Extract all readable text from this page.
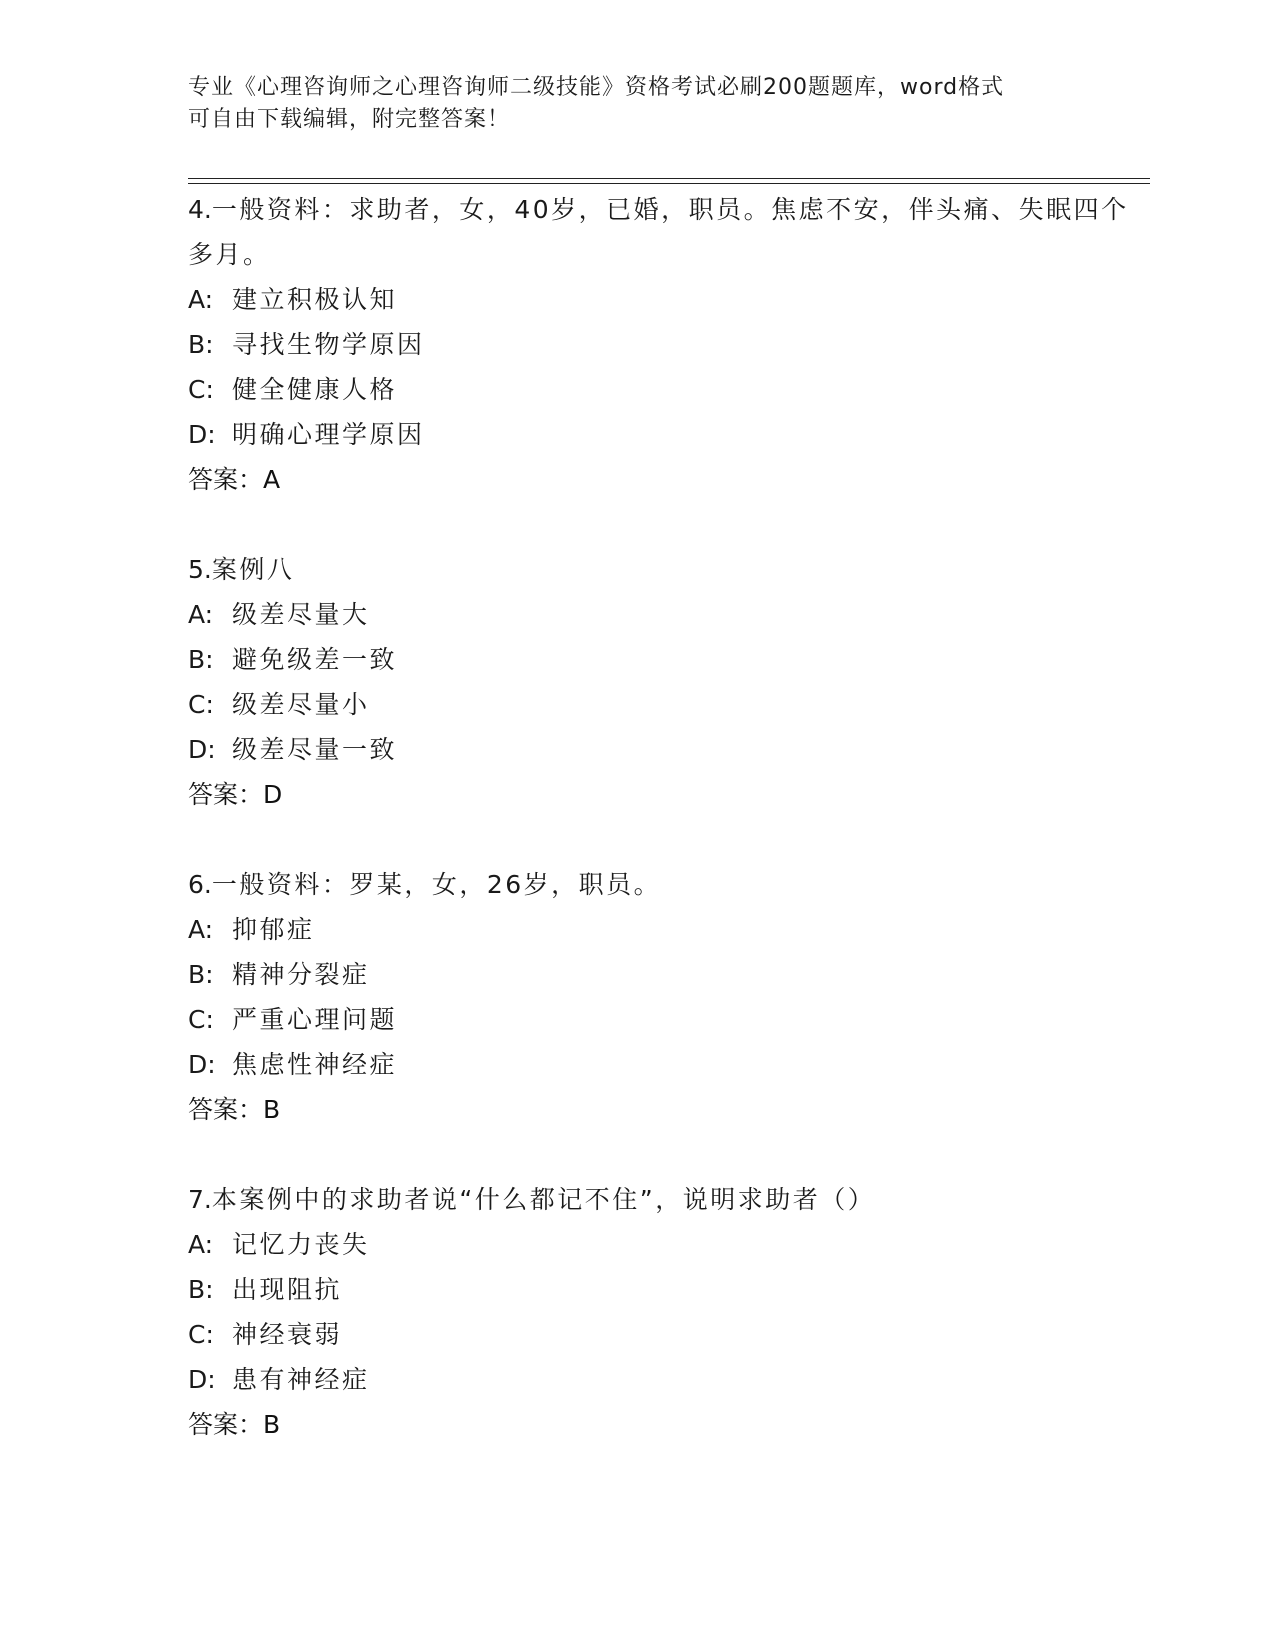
专业《心理咨询师之心理咨询师二级技能》资格考试必刷200题题库，word格式
可自由下载编辑，附完整答案！
4.一般资料：求助者，女，40岁，已婚，职员。焦虑不安，伴头痛、失眠四个多月。
A: 建立积极认知
B: 寻找生物学原因
C: 健全健康人格
D: 明确心理学原因
答案：A
5.案例八
A: 级差尽量大
B: 避免级差一致
C: 级差尽量小
D: 级差尽量一致
答案：D
6.一般资料：罗某，女，26岁，职员。
A: 抑郁症
B: 精神分裂症
C: 严重心理问题
D: 焦虑性神经症
答案：B
7.本案例中的求助者说“什么都记不住”，说明求助者（）
A: 记忆力丧失
B: 出现阻抗
C: 神经衰弱
D: 患有神经症
答案：B
